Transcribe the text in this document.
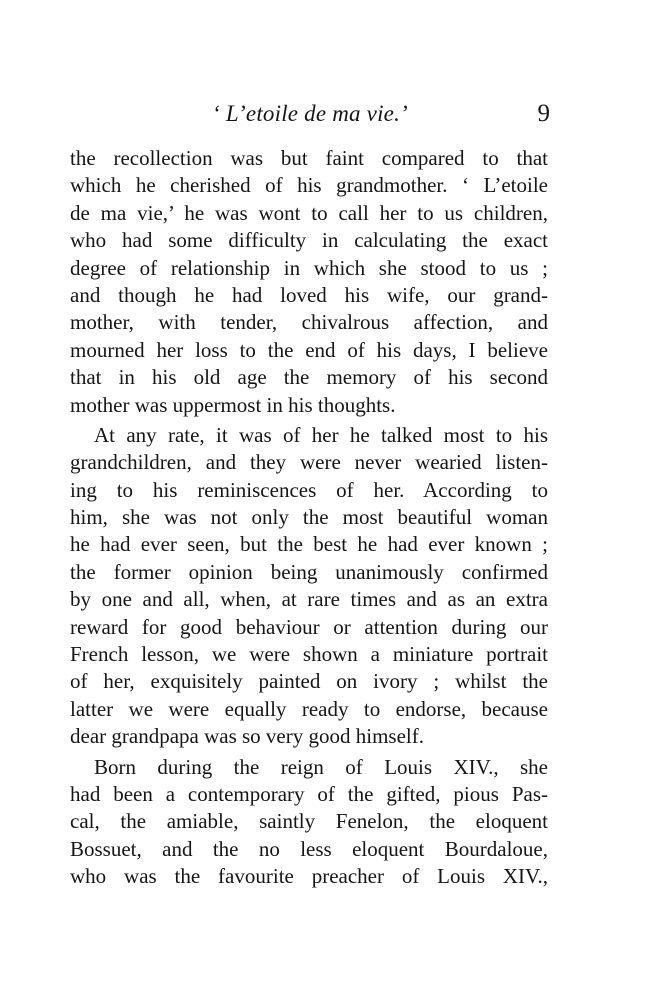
‘ L’etoile de ma vie.’	9
the recollection was but faint compared to that
which he cherished of his grandmother. ‘ L’etoile
de ma vie,’ he was wont to call her to us children,
who had some difficulty in calculating the exact
degree of relationship in which she stood to us ;
and though he had loved his wife, our grand-
mother, with tender, chivalrous affection, and
mourned her loss to the end of his days, I believe
that in his old age the memory of his second
mother was uppermost in his thoughts.
At any rate, it was of her he talked most to his
grandchildren, and they were never wearied listen-
ing to his reminiscences of her. According to
him, she was not only the most beautiful woman
he had ever seen, but the best he had ever known ;
the former opinion being unanimously confirmed
by one and all, when, at rare times and as an extra
reward for good behaviour or attention during our
French lesson, we were shown a miniature portrait
of her, exquisitely painted on ivory ; whilst the
latter we were equally ready to endorse, because
dear grandpapa was so very good himself.
Born during the reign of Louis XIV., she
had been a contemporary of the gifted, pious Pas-
cal, the amiable, saintly Fenelon, the eloquent
Bossuet, and the no less eloquent Bourdaloue,
who was the favourite preacher of Louis XIV.,
